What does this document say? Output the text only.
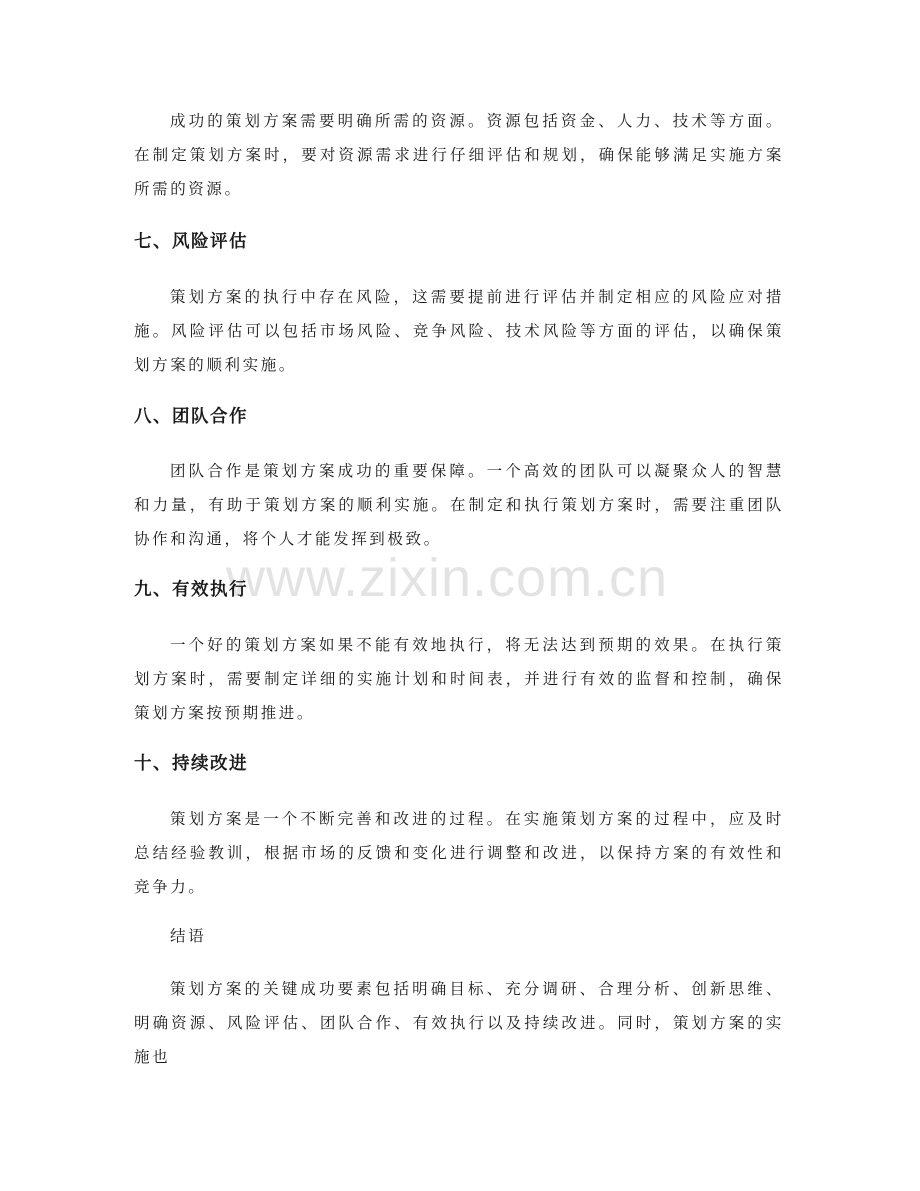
成功的策划方案需要明确所需的资源。资源包括资金、人力、技术等方面。在制定策划方案时，要对资源需求进行仔细评估和规划，确保能够满足实施方案所需的资源。

七、风险评估

策划方案的执行中存在风险，这需要提前进行评估并制定相应的风险应对措施。风险评估可以包括市场风险、竞争风险、技术风险等方面的评估，以确保策划方案的顺利实施。

八、团队合作

团队合作是策划方案成功的重要保障。一个高效的团队可以凝聚众人的智慧和力量，有助于策划方案的顺利实施。在制定和执行策划方案时，需要注重团队协作和沟通，将个人才能发挥到极致。

九、有效执行

一个好的策划方案如果不能有效地执行，将无法达到预期的效果。在执行策划方案时，需要制定详细的实施计划和时间表，并进行有效的监督和控制，确保策划方案按预期推进。

十、持续改进

策划方案是一个不断完善和改进的过程。在实施策划方案的过程中，应及时总结经验教训，根据市场的反馈和变化进行调整和改进，以保持方案的有效性和竞争力。

结语

策划方案的关键成功要素包括明确目标、充分调研、合理分析、创新思维、明确资源、风险评估、团队合作、有效执行以及持续改进。同时，策划方案的实施也

www.zixin.com.cn
